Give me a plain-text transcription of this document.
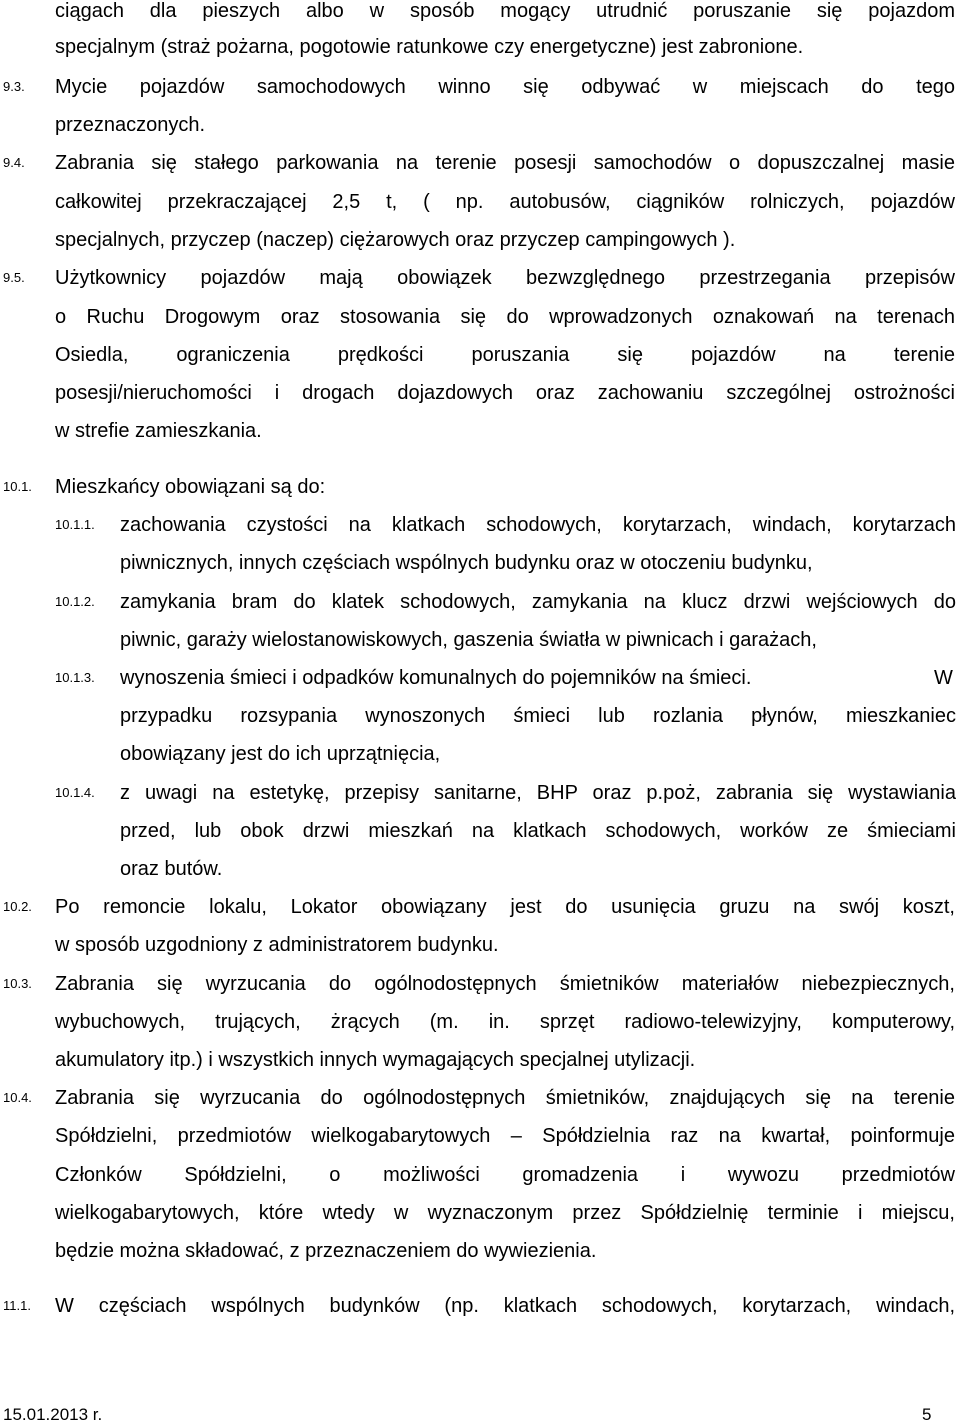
ciągach dla pieszych albo w sposób mogący utrudnić poruszanie się pojazdom

specjalnym (straż pożarna, pogotowie ratunkowe czy energetyczne) jest zabronione.

9.3. Mycie pojazdów samochodowych winno się odbywać w miejscach do tego

przeznaczonych.

9.4. Zabrania się stałego parkowania na terenie posesji samochodów o dopuszczalnej masie

całkowitej przekraczającej 2,5 t, ( np. autobusów, ciągników rolniczych, pojazdów

specjalnych, przyczep (naczep) ciężarowych oraz przyczep campingowych ).

9.5. Użytkownicy pojazdów mają obowiązek bezwzględnego przestrzegania przepisów

o Ruchu Drogowym oraz stosowania się do wprowadzonych oznakowań na terenach

Osiedla, ograniczenia prędkości poruszania się pojazdów na terenie

posesji/nieruchomości i drogach dojazdowych oraz zachowaniu szczególnej ostrożności

w strefie zamieszkania.

10.1. Mieszkańcy obowiązani są do:

10.1.1. zachowania czystości na klatkach schodowych, korytarzach, windach, korytarzach

piwnicznych, innych częściach wspólnych budynku oraz w otoczeniu budynku,

10.1.2. zamykania bram do klatek schodowych, zamykania na klucz drzwi wejściowych do

piwnic, garaży wielostanowiskowych, gaszenia światła w piwnicach i garażach,

10.1.3. wynoszenia śmieci i odpadków komunalnych do pojemników na śmieci.	W

przypadku rozsypania wynoszonych śmieci lub rozlania płynów, mieszkaniec

obowiązany jest do ich uprzątnięcia,

10.1.4. z uwagi na estetykę, przepisy sanitarne, BHP oraz p.poż, zabrania się wystawiania

przed, lub obok drzwi mieszkań na klatkach schodowych, worków ze śmieciami

oraz butów.

10.2. Po remoncie lokalu, Lokator obowiązany jest do usunięcia gruzu na swój koszt,

w sposób uzgodniony z administratorem budynku.

10.3. Zabrania się wyrzucania do ogólnodostępnych śmietników materiałów niebezpiecznych,

wybuchowych, trujących, żrących (m. in. sprzęt radiowo-telewizyjny, komputerowy,

akumulatory itp.) i wszystkich innych wymagających specjalnej utylizacji.

10.4. Zabrania się wyrzucania do ogólnodostępnych śmietników, znajdujących się na terenie

Spółdzielni, przedmiotów wielkogabarytowych – Spółdzielnia raz na kwartał, poinformuje

Członków Spółdzielni, o możliwości gromadzenia i wywozu przedmiotów

wielkogabarytowych, które wtedy w wyznaczonym przez Spółdzielnię terminie i miejscu,

będzie można składować, z przeznaczeniem do wywiezienia.

11.1. W częściach wspólnych budynków (np. klatkach schodowych, korytarzach, windach,

15.01.2013 r.	5
